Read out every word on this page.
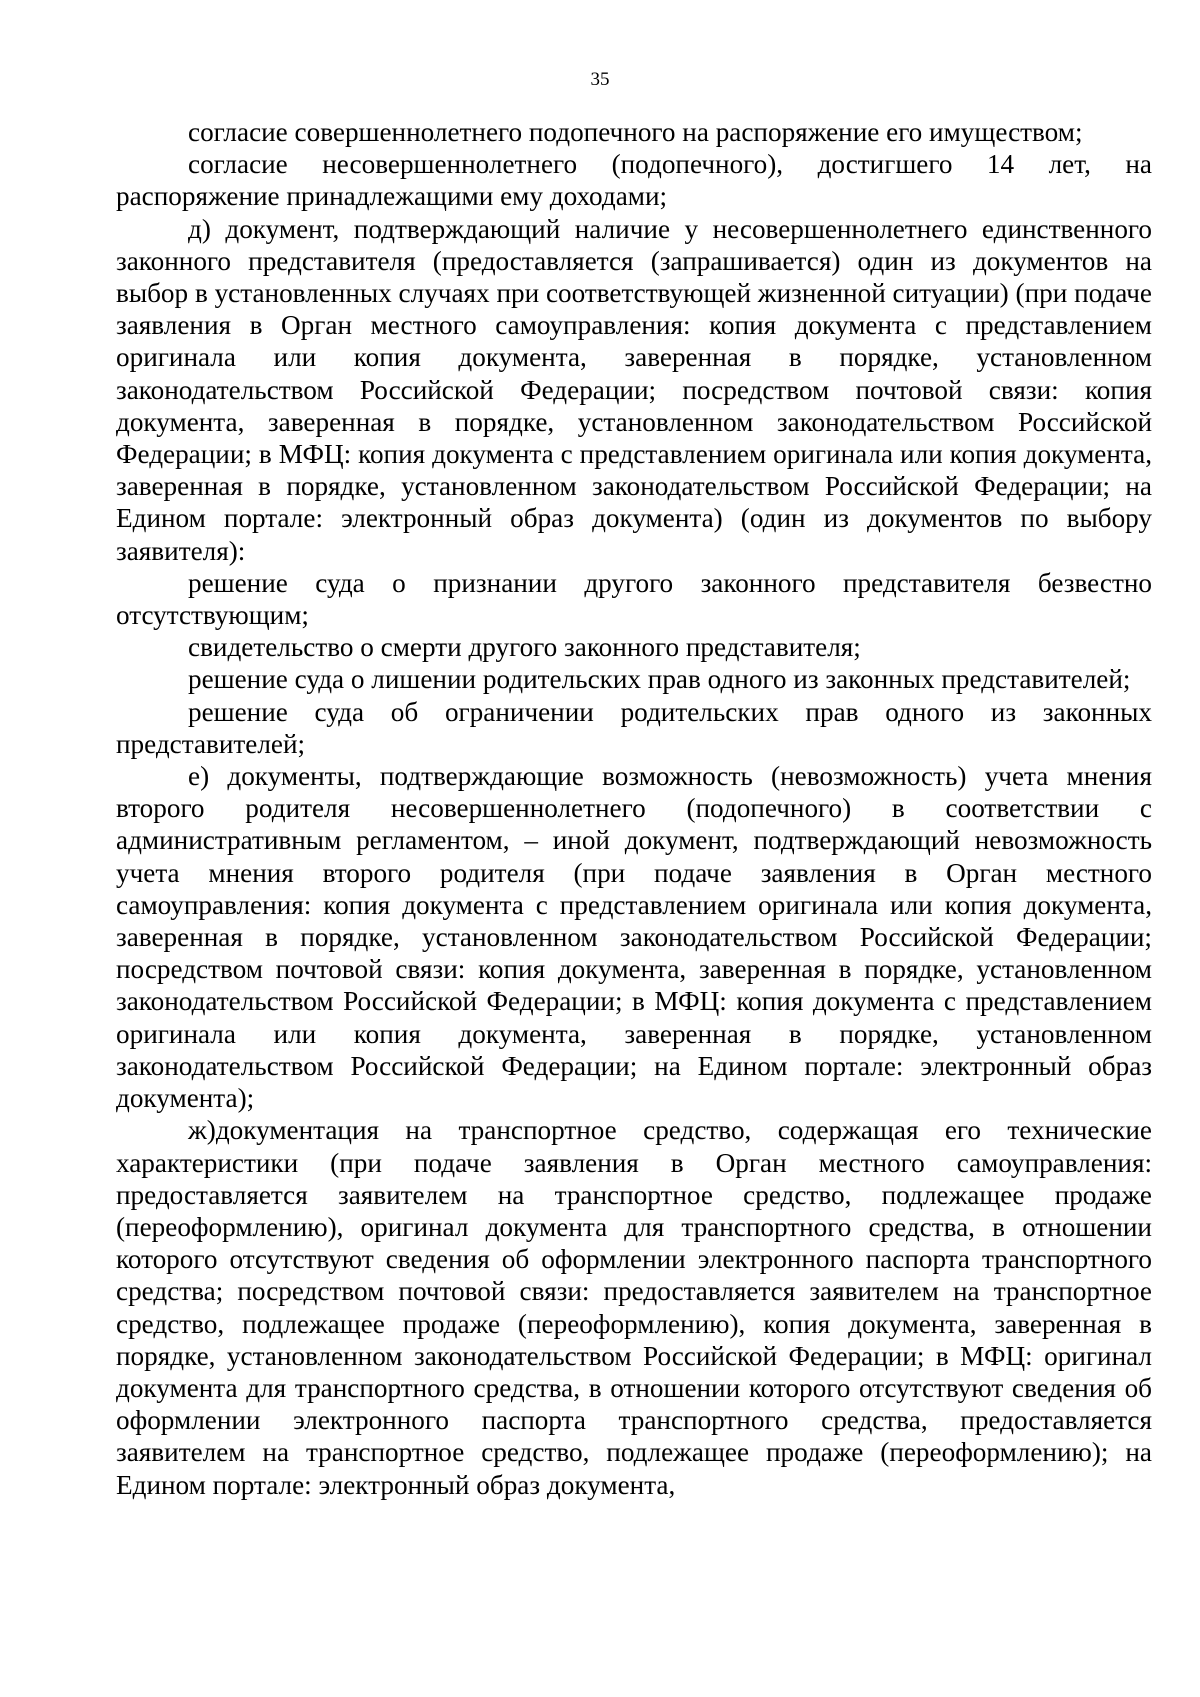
35

согласие совершеннолетнего подопечного на распоряжение его имуществом;

согласие несовершеннолетнего (подопечного), достигшего 14 лет, на распоряжение принадлежащими ему доходами;

д) документ, подтверждающий наличие у несовершеннолетнего единственного законного представителя (предоставляется (запрашивается) один из документов на выбор в установленных случаях при соответствующей жизненной ситуации) (при подаче заявления в Орган местного самоуправления: копия документа с представлением оригинала или копия документа, заверенная в порядке, установленном законодательством Российской Федерации; посредством почтовой связи: копия документа, заверенная в порядке, установленном законодательством Российской Федерации; в МФЦ: копия документа с представлением оригинала или копия документа, заверенная в порядке, установленном законодательством Российской Федерации; на Едином портале: электронный образ документа) (один из документов по выбору заявителя):

решение суда о признании другого законного представителя безвестно отсутствующим;

свидетельство о смерти другого законного представителя;

решение суда о лишении родительских прав одного из законных представителей;

решение суда об ограничении родительских прав одного из законных представителей;

е) документы, подтверждающие возможность (невозможность) учета мнения второго родителя несовершеннолетнего (подопечного) в соответствии с административным регламентом, – иной документ, подтверждающий невозможность учета мнения второго родителя (при подаче заявления в Орган местного самоуправления: копия документа с представлением оригинала или копия документа, заверенная в порядке, установленном законодательством Российской Федерации; посредством почтовой связи: копия документа, заверенная в порядке, установленном законодательством Российской Федерации; в МФЦ: копия документа с представлением оригинала или копия документа, заверенная в порядке, установленном законодательством Российской Федерации; на Едином портале: электронный образ документа);

ж)документация на транспортное средство, содержащая его технические характеристики (при подаче заявления в Орган местного самоуправления: предоставляется заявителем на транспортное средство, подлежащее продаже (переоформлению), оригинал документа для транспортного средства, в отношении которого отсутствуют сведения об оформлении электронного паспорта транспортного средства; посредством почтовой связи: предоставляется заявителем на транспортное средство, подлежащее продаже (переоформлению), копия документа, заверенная в порядке, установленном законодательством Российской Федерации; в МФЦ: оригинал документа для транспортного средства, в отношении которого отсутствуют сведения об оформлении электронного паспорта транспортного средства, предоставляется заявителем на транспортное средство, подлежащее продаже (переоформлению); на Едином портале: электронный образ документа,
